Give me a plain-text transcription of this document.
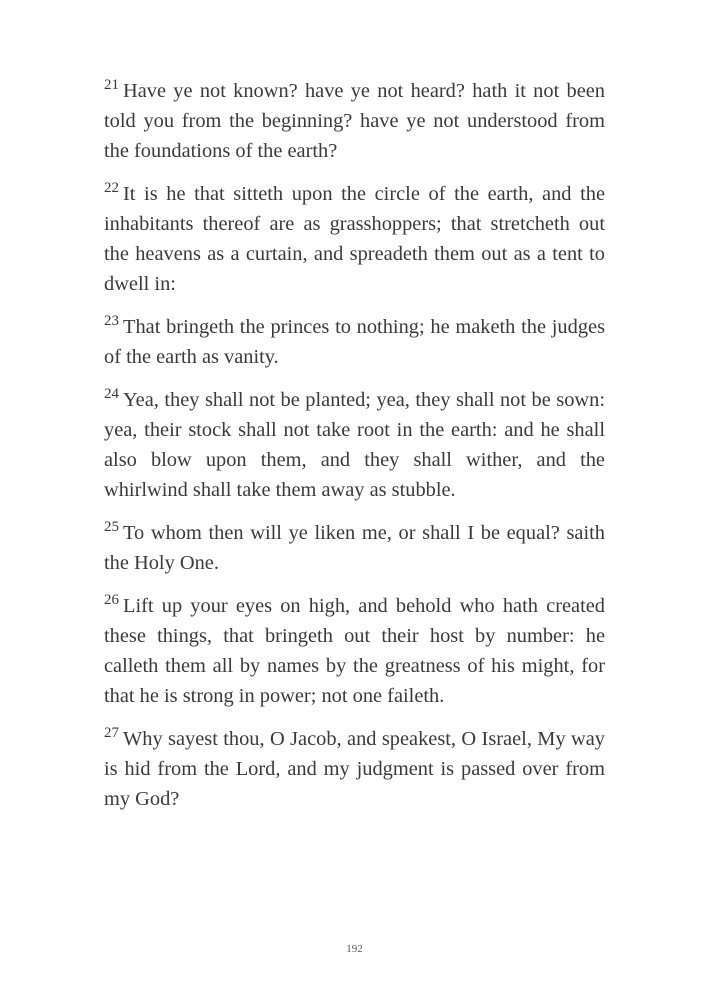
$^{21}$ Have ye not known? have ye not heard? hath it not been told you from the beginning? have ye not understood from the foundations of the earth?

$^{22}$ It is he that sitteth upon the circle of the earth, and the inhabitants thereof are as grasshoppers; that stretcheth out the heavens as a curtain, and spreadeth them out as a tent to dwell in:

$^{23}$ That bringeth the princes to nothing; he maketh the judges of the earth as vanity.

$^{24}$ Yea, they shall not be planted; yea, they shall not be sown: yea, their stock shall not take root in the earth: and he shall also blow upon them, and they shall wither, and the whirlwind shall take them away as stubble.

$^{25}$ To whom then will ye liken me, or shall I be equal? saith the Holy One.

$^{26}$ Lift up your eyes on high, and behold who hath created these things, that bringeth out their host by number: he calleth them all by names by the greatness of his might, for that he is strong in power; not one faileth.

$^{27}$ Why sayest thou, O Jacob, and speakest, O Israel, My way is hid from the Lord, and my judgment is passed over from my God?

192
